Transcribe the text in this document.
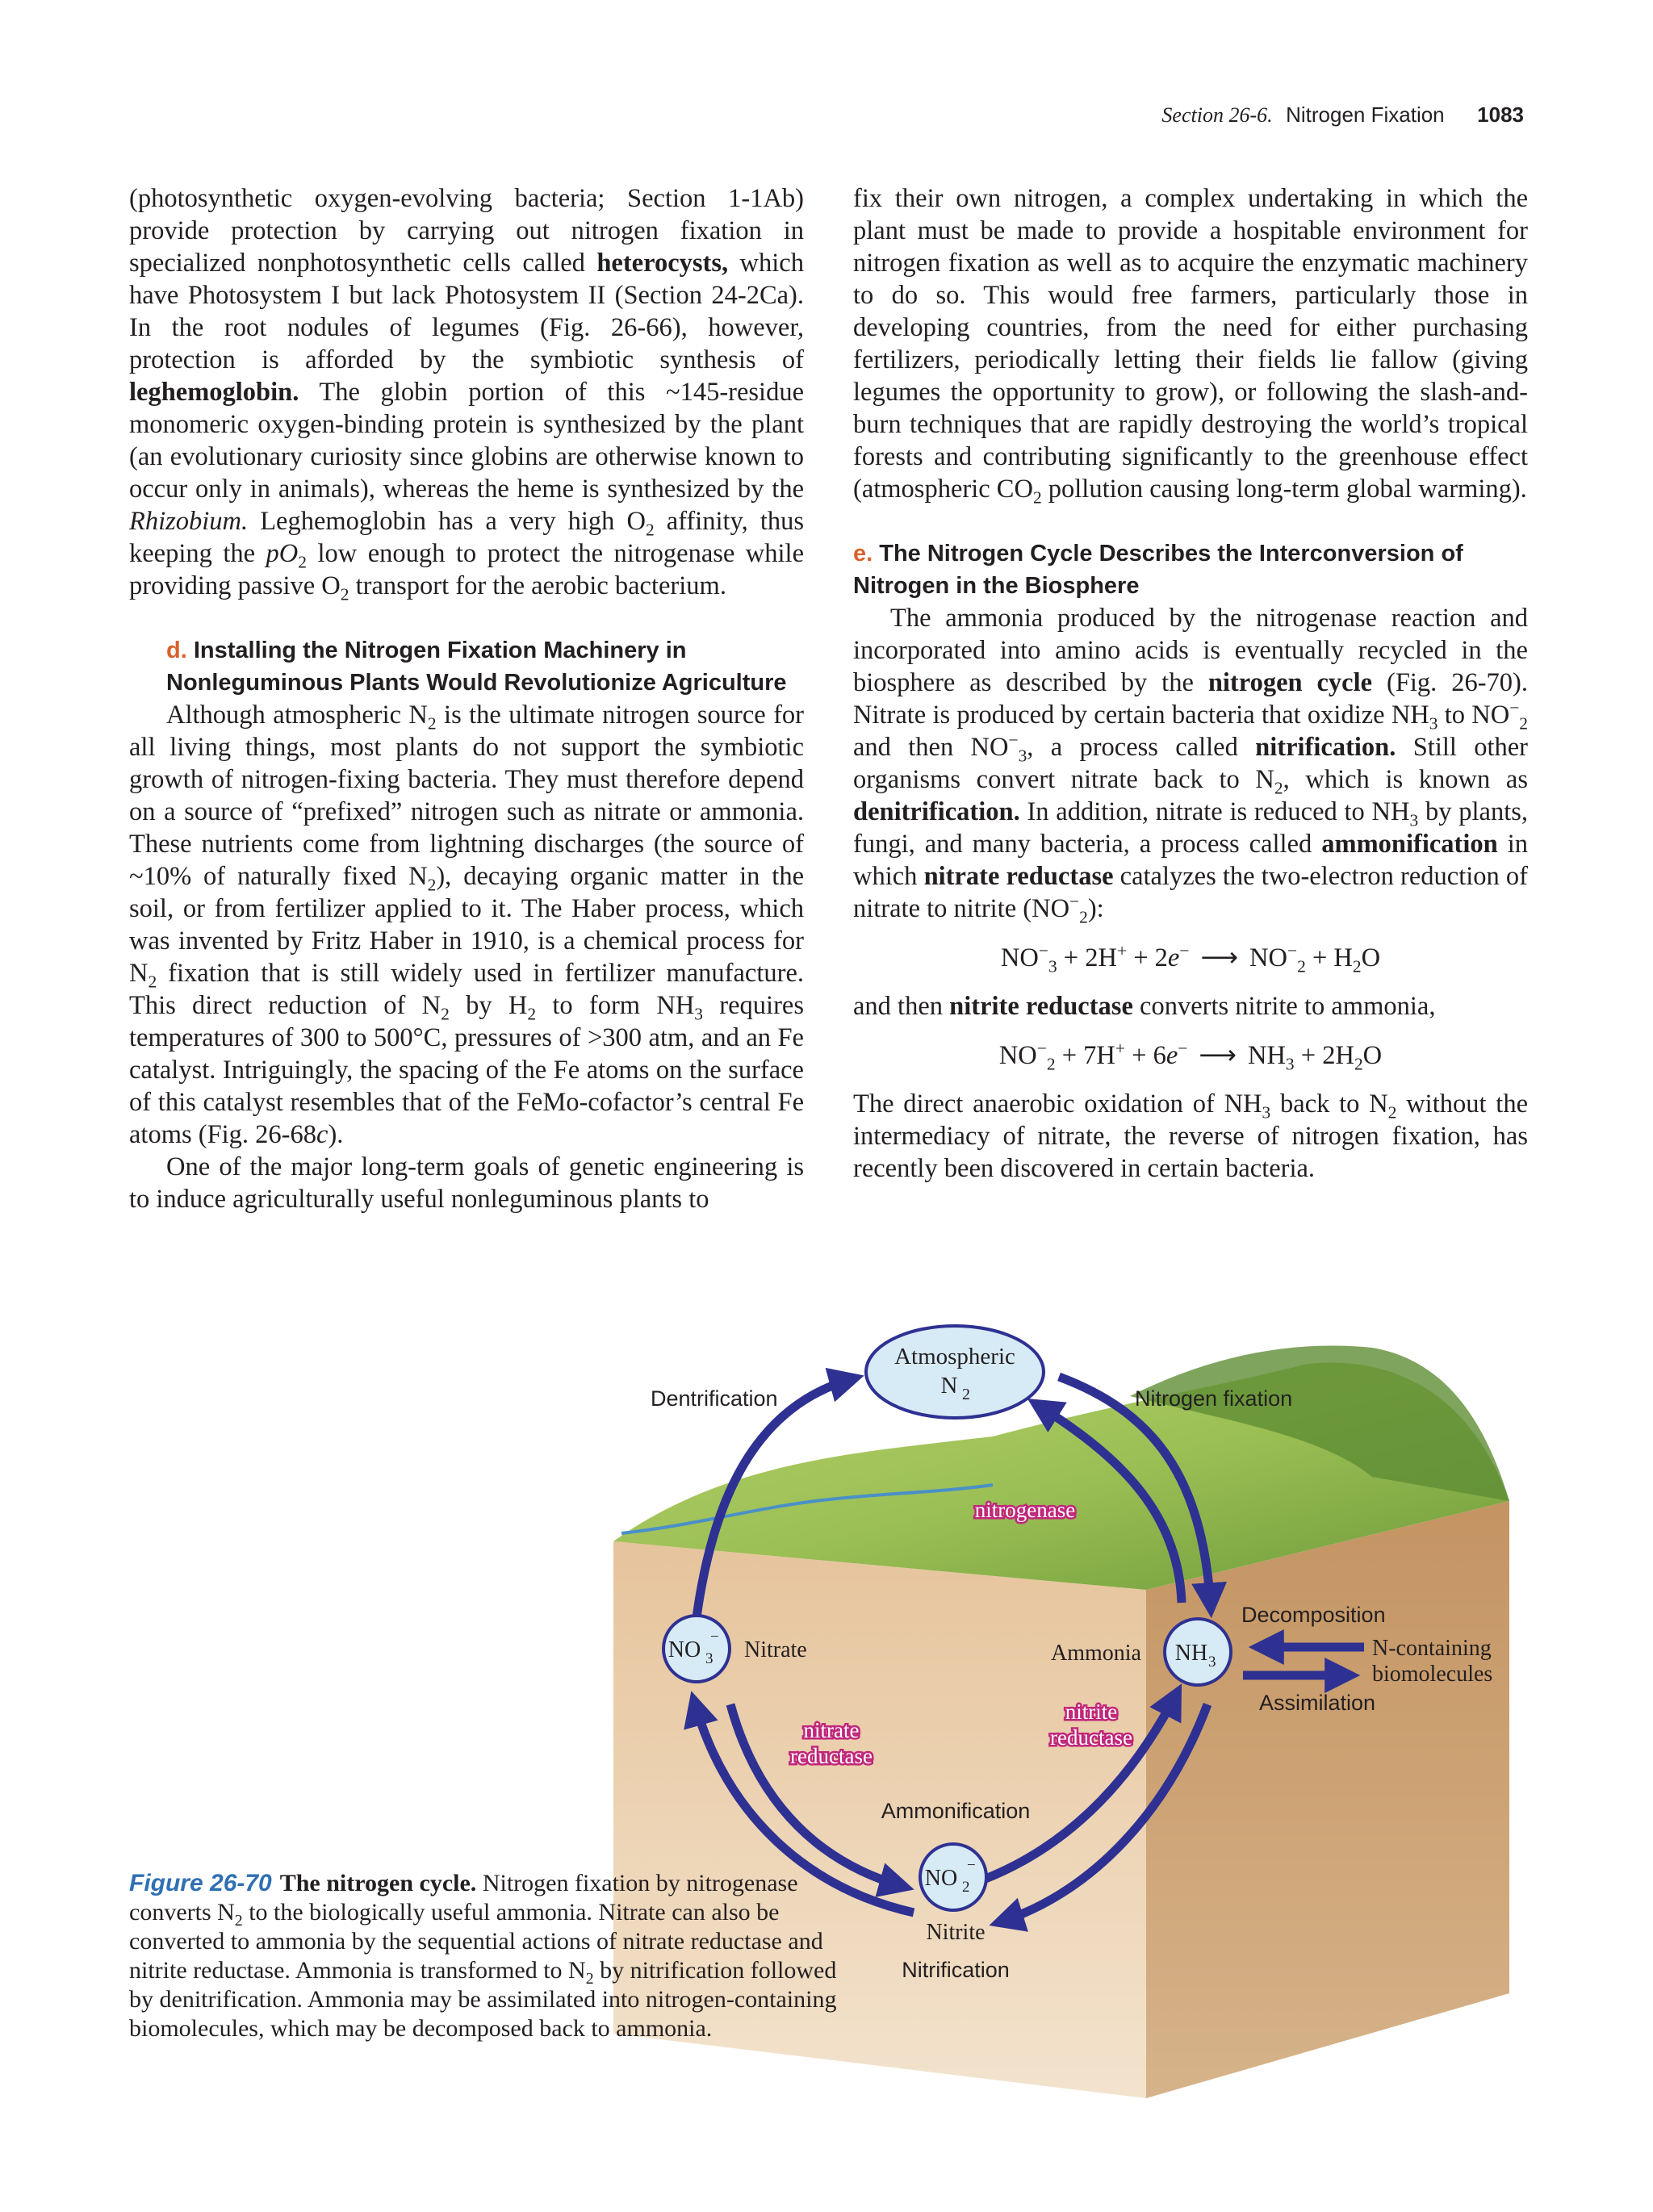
Section 26-6. Nitrogen Fixation 1083

(photosynthetic oxygen-evolving bacteria; Section 1-1Ab) provide protection by carrying out nitrogen fixation in specialized nonphotosynthetic cells called heterocysts, which have Photosystem I but lack Photosystem II (Section 24-2Ca). In the root nodules of legumes (Fig. 26-66), however, protection is afforded by the symbiotic synthesis of leghemoglobin. The globin portion of this ~145-residue monomeric oxygen-binding protein is synthesized by the plant (an evolutionary curiosity since globins are otherwise known to occur only in animals), whereas the heme is synthesized by the Rhizobium. Leghemoglobin has a very high $O_2$ affinity, thus keeping the $pO_2$ low enough to protect the nitrogenase while providing passive $O_2$ transport for the aerobic bacterium.

d. Installing the Nitrogen Fixation Machinery in Nonleguminous Plants Would Revolutionize Agriculture

Although atmospheric $N_2$ is the ultimate nitrogen source for all living things, most plants do not support the symbiotic growth of nitrogen-fixing bacteria. They must therefore depend on a source of “prefixed” nitrogen such as nitrate or ammonia. These nutrients come from lightning discharges (the source of ~10% of naturally fixed $N_2$), decaying organic matter in the soil, or from fertilizer applied to it. The Haber process, which was invented by Fritz Haber in 1910, is a chemical process for $N_2$ fixation that is still widely used in fertilizer manufacture. This direct reduction of $N_2$ by $H_2$ to form $NH_3$ requires temperatures of 300 to 500°C, pressures of >300 atm, and an Fe catalyst. Intriguingly, the spacing of the Fe atoms on the surface of this catalyst resembles that of the FeMo-cofactor’s central Fe atoms (Fig. 26-68c).

One of the major long-term goals of genetic engineering is to induce agriculturally useful nonleguminous plants to

fix their own nitrogen, a complex undertaking in which the plant must be made to provide a hospitable environment for nitrogen fixation as well as to acquire the enzymatic machinery to do so. This would free farmers, particularly those in developing countries, from the need for either purchasing fertilizers, periodically letting their fields lie fallow (giving legumes the opportunity to grow), or following the slash-and-burn techniques that are rapidly destroying the world’s tropical forests and contributing significantly to the greenhouse effect (atmospheric $CO_2$ pollution causing long-term global warming).

e. The Nitrogen Cycle Describes the Interconversion of Nitrogen in the Biosphere

The ammonia produced by the nitrogenase reaction and incorporated into amino acids is eventually recycled in the biosphere as described by the nitrogen cycle (Fig. 26-70). Nitrate is produced by certain bacteria that oxidize $NH_3$ to $NO^-_2$ and then $NO^-_3$, a process called nitrification. Still other organisms convert nitrate back to $N_2$, which is known as denitrification. In addition, nitrate is reduced to $NH_3$ by plants, fungi, and many bacteria, a process called ammonification in which nitrate reductase catalyzes the two-electron reduction of nitrate to nitrite $(NO^-_2)$:

$NO^-_3 + 2H^+ + 2e^-$ ⟶ $NO^-_2 + H_2O$

and then nitrite reductase converts nitrite to ammonia,

$NO^-_2 + 7H^+ + 6e^-$ ⟶ $NH_3 + 2H_2O$

The direct anaerobic oxidation of $NH_3$ back to $N_2$ without the intermediacy of nitrate, the reverse of nitrogen fixation, has recently been discovered in certain bacteria.

Atmospheric
N 2
NO 3
−
NH 3
NO 2
−
Dentrification	Nitrogen fixation
nitrogenase
Decomposition
Nitrate	Ammonia	N-containing
biomolecules
Assimilation
nitrite
reductase
nitrate
reductase
Ammonification
Nitrite
Nitrification
Figure 26-70 The nitrogen cycle. Nitrogen fixation by nitrogenase converts $N_2$ to the biologically useful ammonia. Nitrate can also be converted to ammonia by the sequential actions of nitrate reductase and nitrite reductase. Ammonia is transformed to $N_2$ by nitrification followed by denitrification. Ammonia may be assimilated into nitrogen-containing biomolecules, which may be decomposed back to ammonia.
